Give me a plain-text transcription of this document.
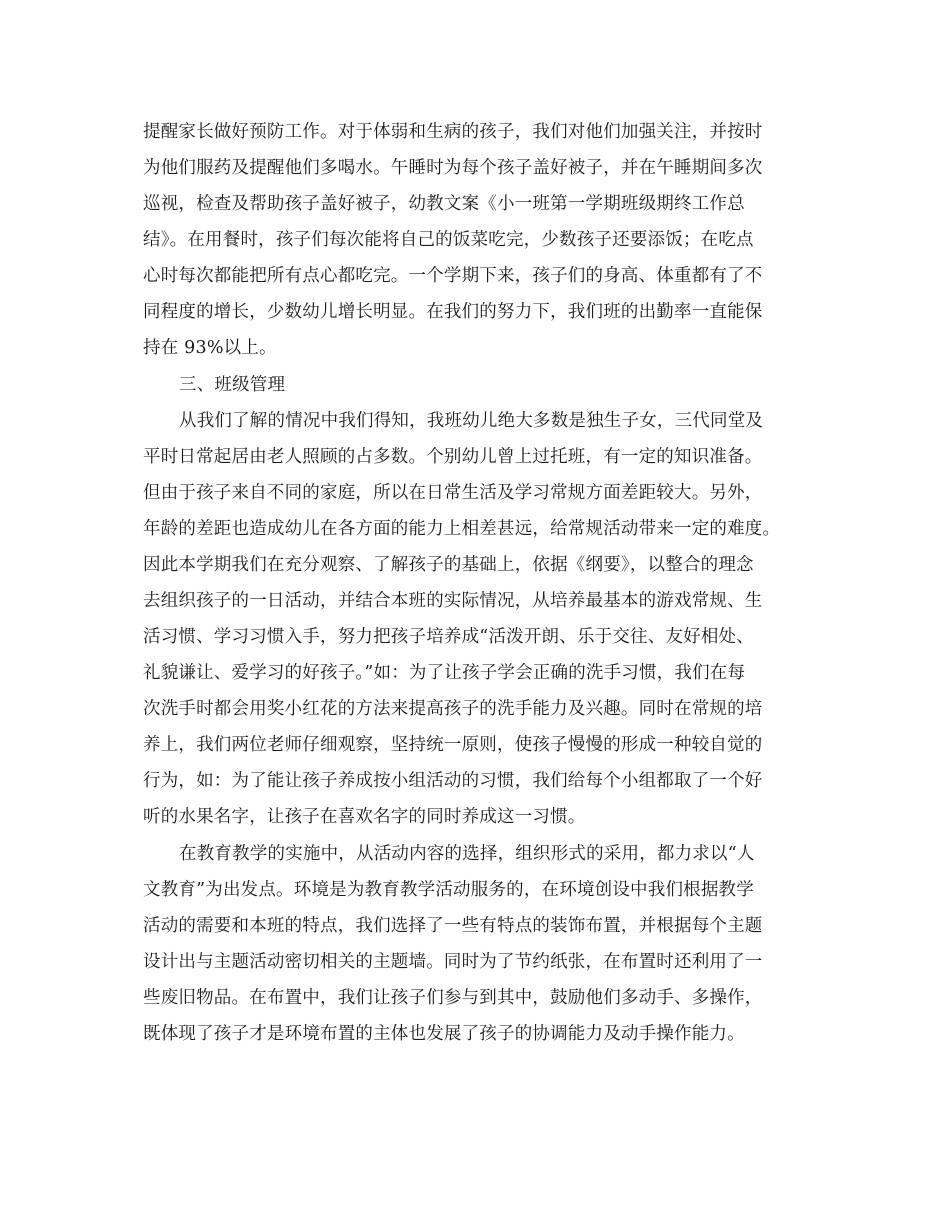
提醒家长做好预防工作。对于体弱和生病的孩子，我们对他们加强关注，并按时
为他们服药及提醒他们多喝水。午睡时为每个孩子盖好被子，并在午睡期间多次
巡视，检查及帮助孩子盖好被子，幼教文案《小一班第一学期班级期终工作总
结》。在用餐时，孩子们每次能将自己的饭菜吃完，少数孩子还要添饭；在吃点
心时每次都能把所有点心都吃完。一个学期下来，孩子们的身高、体重都有了不
同程度的增长，少数幼儿增长明显。在我们的努力下，我们班的出勤率一直能保
持在 93%以上。
三、班级管理
从我们了解的情况中我们得知，我班幼儿绝大多数是独生子女，三代同堂及
平时日常起居由老人照顾的占多数。个别幼儿曾上过托班，有一定的知识准备。
但由于孩子来自不同的家庭，所以在日常生活及学习常规方面差距较大。另外，
年龄的差距也造成幼儿在各方面的能力上相差甚远，给常规活动带来一定的难度。
因此本学期我们在充分观察、了解孩子的基础上，依据《纲要》，以整合的理念
去组织孩子的一日活动，并结合本班的实际情况，从培养最基本的游戏常规、生
活习惯、学习习惯入手，努力把孩子培养成“活泼开朗、乐于交往、友好相处、
礼貌谦让、爱学习的好孩子。”如：为了让孩子学会正确的洗手习惯，我们在每
次洗手时都会用奖小红花的方法来提高孩子的洗手能力及兴趣。同时在常规的培
养上，我们两位老师仔细观察，坚持统一原则，使孩子慢慢的形成一种较自觉的
行为，如：为了能让孩子养成按小组活动的习惯，我们给每个小组都取了一个好
听的水果名字，让孩子在喜欢名字的同时养成这一习惯。
在教育教学的实施中，从活动内容的选择，组织形式的采用，都力求以“人
文教育”为出发点。环境是为教育教学活动服务的，在环境创设中我们根据教学
活动的需要和本班的特点，我们选择了一些有特点的装饰布置，并根据每个主题
设计出与主题活动密切相关的主题墙。同时为了节约纸张，在布置时还利用了一
些废旧物品。在布置中，我们让孩子们参与到其中，鼓励他们多动手、多操作，
既体现了孩子才是环境布置的主体也发展了孩子的协调能力及动手操作能力。
